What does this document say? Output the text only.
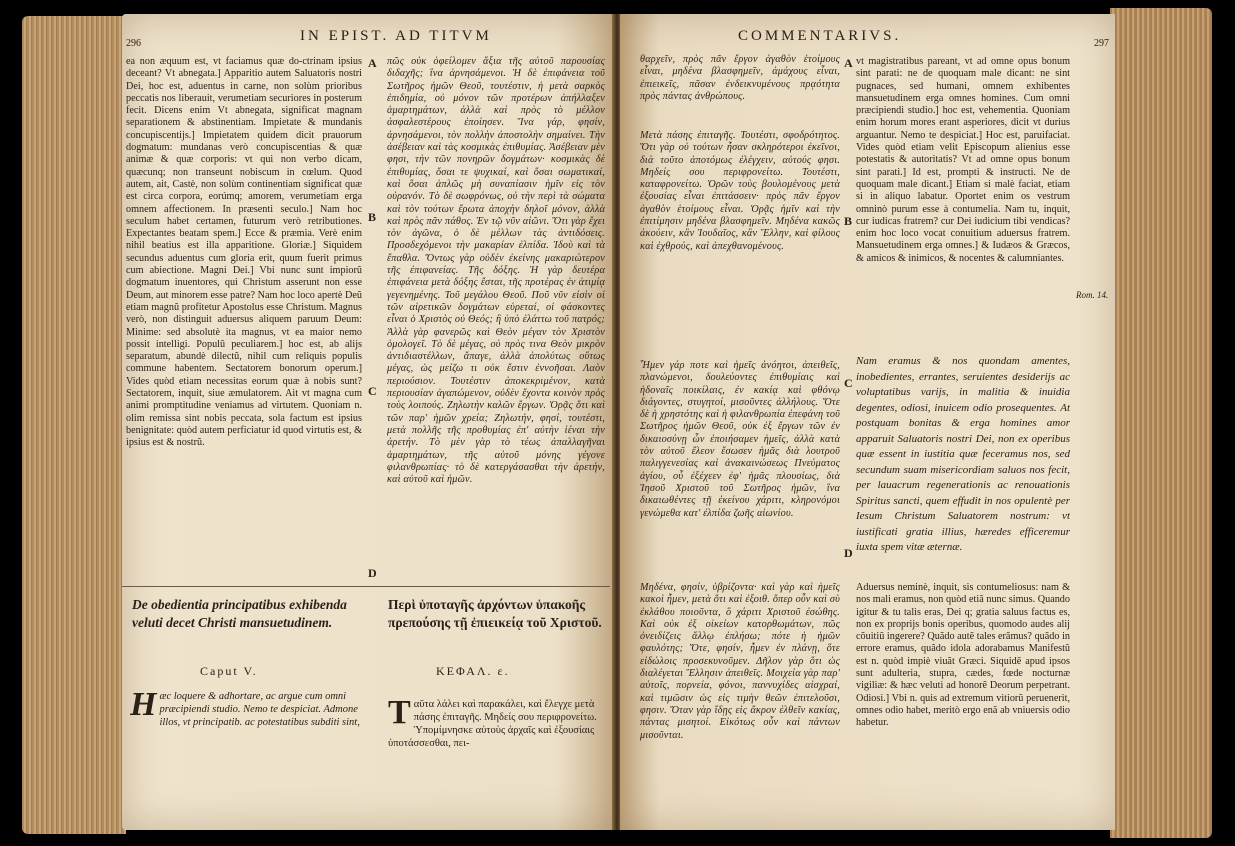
296	IN EPIST. AD TITVM
ea non æquum est, vt faciamus quæ do-ctrinam ipsius deceant? Vt abnegata.] Apparitio autem Saluatoris nostri Dei, hoc est, aduentus in carne, non solùm prioribus peccatis nos liberauit, verumetiam securiores in posterum fecit. Dicens enim Vt abnegata, significat magnam separationem & abstinentiam. Impietate & mundanis concupiscentijs.] Impietatem quidem dicit prauorum dogmatum: mundanas verò concupiscentias & quæ animæ & quæ corporis: vt qui non verbo dicam, quæcunq; non transeunt nobiscum in cœlum. Quod autem, ait, Castè, non solùm continentiam significat quæ est circa corpora, eorúmq; amorem, verumetiam erga omnem affectionem. In præsenti seculo.] Nam hoc seculum habet certamen, futurum verò retributiones. Expectantes beatam spem.] Ecce & præmia. Verè enim nihil beatius est illa apparitione. Gloriæ.] Siquidem secundus aduentus cum gloria erit, quum fuerit primus cum abiectione. Magni Dei.] Vbi nunc sunt impiorũ dogmatum inuentores, qui Christum asserunt non esse Deum, aut minorem esse patre? Nam hoc loco apertè Deũ etiam magnũ profitetur Apostolus esse Christum. Magnus verò, non distinguit aduersus aliquem paruum Deum: Minime: sed absolutè ita magnus, vt ea maior nemo possit intelligi. Populũ peculiarem.] hoc est, ab alijs separatum, abundè dilectũ, nihil cum reliquis populis commune habentem. Sectatorem bonorum operum.] Vides quòd etiam necessitas eorum quæ à nobis sunt? Sectatorem, inquit, siue æmulatorem. Ait vt magna cum animi promptitudine veniamus ad virtutem. Quoniam n. olim remissa sint nobis peccata, sola factum est ipsius benignitate: quòd autem perficiatur id quod virtutis est, & ipsius est & nostrũ.
πῶς οὐκ ὀφείλομεν ἄξια τῆς αὐτοῦ παρουσίας διδαχῆς; ἵνα ἀρνησάμενοι. Ἡ δὲ ἐπιφάνεια τοῦ Σωτῆρος ἡμῶν Θεοῦ, τουτέστιν, ἡ μετὰ σαρκὸς ἐπιδημία, οὐ μόνον τῶν προτέρων ἀπήλλαξεν ἁμαρτημάτων, ἀλλὰ καὶ πρὸς τὸ μέλλον ἀσφαλεστέρους ἐποίησεν. Ἵνα γάρ, φησίν, ἀρνησάμενοι, τὸν πολλὴν ἀποστολὴν σημαίνει. Τὴν ἀσέβειαν καὶ τὰς κοσμικὰς ἐπιθυμίας. Ἀσέβειαν μὲν φησι, τὴν τῶν πονηρῶν δογμάτων· κοσμικὰς δὲ ἐπιθυμίας, ὅσαι τε ψυχικαί, καὶ ὅσαι σωματικαί, καὶ ὅσαι ἁπλῶς μὴ συναπίασιν ἡμῖν εἰς τὸν οὐρανόν. Τὸ δὲ σωφρόνως, οὐ τὴν περὶ τὰ σώματα καὶ τὸν τούτων ἔρωτα ἀποχὴν δηλοῖ μόνον, ἀλλὰ καὶ πρὸς πᾶν πάθος. Ἐν τῷ νῦν αἰῶνι. Ὅτι γὰρ ἔχει τὸν ἀγῶνα, ὁ δὲ μέλλων τὰς ἀντιδόσεις. Προσδεχόμενοι τὴν μακαρίαν ἐλπίδα. Ἰδοὺ καὶ τὰ ἔπαθλα. Ὄντως γὰρ οὐδὲν ἐκείνης μακαριώτερον τῆς ἐπιφανείας. Τῆς δόξης. Ἡ γὰρ δευτέρα ἐπιφάνεια μετὰ δόξης ἔσται, τῆς προτέρας ἐν ἀτιμίᾳ γεγενημένης. Τοῦ μεγάλου Θεοῦ. Ποῦ νῦν εἰσὶν οἱ τῶν αἱρετικῶν δογμάτων εὑρεταί, οἱ φάσκοντες εἶναι ὁ Χριστὸς οὐ Θεός; ἢ ὑπὸ ἐλάττω τοῦ πατρός; Ἀλλὰ γὰρ φανερῶς καὶ Θεὸν μέγαν τὸν Χριστὸν ὁμολογεῖ. Τὸ δὲ μέγας, οὐ πρὸς τινα Θεὸν μικρὸν ἀντιδιαστέλλων, ἄπαγε, ἀλλὰ ἀπολύτως οὕτως μέγας, ὡς μείζω τι οὐκ ἔστιν ἐννοῆσαι. Λαὸν περιούσιον. Τουτέστιν ἀποκεκριμένον, κατὰ περιουσίαν ἀγαπώμενον, οὐδὲν ἔχοντα κοινὸν πρὸς τοὺς λοιπούς. Ζηλωτὴν καλῶν ἔργων. Ὁρᾷς ὅτι καὶ τῶν παρ' ἡμῶν χρεία; Ζηλωτήν, φησί, τουτέστι, μετὰ πολλῆς τῆς προθυμίας ἐπ' αὐτὴν ἰέναι τὴν ἀρετήν. Τὸ μὲν γὰρ τὸ τέως ἀπαλλαγῆναι ἁμαρτημάτων, τῆς αὐτοῦ μόνης γέγονε φιλανθρωπίας· τὸ δὲ κατεργάσασθαι τὴν ἀρετήν, καὶ αὐτοῦ καὶ ἡμῶν.
A
B
C
D
De obedientia principatibus exhibenda veluti decet Christi mansuetudinem.
Περὶ ὑποταγῆς ἀρχόντων ὑπακοῆς πρεπούσης τῇ ἐπιεικείᾳ τοῦ Χριστοῦ.
Caput V.	ΚΕΦΑΛ. ε.
Hæc loquere & adhortare, ac argue cum omni præcipiendi studio. Nemo te despiciat. Admone illos, vt principatib. ac potestatibus subditi sint, Ταῦτα λάλει καὶ παρακάλει, καὶ ἔλεγχε μετὰ πάσης ἐπιταγῆς. Μηδείς σου περιφρονείτω. Ὑπομίμνησκε αὐτοὺς ἀρχαῖς καὶ ἐξουσίαις ὑποτάσσεσθαι, πει-
COMMENTARIVS.	297
θαρχεῖν, πρὸς πᾶν ἔργον ἀγαθὸν ἑτοίμους εἶναι, μηδένα βλασφημεῖν, ἀμάχους εἶναι, ἐπιεικεῖς, πᾶσαν ἐνδεικνυμένους πρᾳότητα πρὸς πάντας ἀνθρώπους.
Μετὰ πάσης ἐπιταγῆς. Τουτέστι, σφοδρότητος. Ὅτι γὰρ οὐ τούτων ἦσαν σκληρότεροι ἐκεῖνοι, διὰ τοῦτο ἀποτόμως ἐλέγχειν, αὐτούς φησι. Μηδείς σου περιφρονείτω. Τουτέστι, καταφρονείτω. Ὁρῶν τοὺς βουλομένους μετὰ ἐξουσίας εἶναι ἐπιτάσσειν· πρὸς πᾶν ἔργον ἀγαθὸν ἑτοίμους εἶναι. Ὁρᾷς ἡμῖν καὶ τὴν ἐπιτίμησιν μηδένα βλασφημεῖν. Μηδένα κακῶς ἀκούειν, κἂν Ἰουδαῖος, κἂν Ἕλλην, καὶ φίλους καὶ ἐχθρούς, καὶ ἀπεχθανομένους.
Ἦμεν γάρ ποτε καὶ ἡμεῖς ἀνόητοι, ἀπειθεῖς, πλανώμενοι, δουλεύοντες ἐπιθυμίαις καὶ ἡδοναῖς ποικίλαις, ἐν κακίᾳ καὶ φθόνῳ διάγοντες, στυγητοί, μισοῦντες ἀλλήλους. Ὅτε δὲ ἡ χρηστότης καὶ ἡ φιλανθρωπία ἐπεφάνη τοῦ Σωτῆρος ἡμῶν Θεοῦ, οὐκ ἐξ ἔργων τῶν ἐν δικαιοσύνῃ ὧν ἐποιήσαμεν ἡμεῖς, ἀλλὰ κατὰ τὸν αὐτοῦ ἔλεον ἔσωσεν ἡμᾶς διὰ λουτροῦ παλιγγενεσίας καὶ ἀνακαινώσεως Πνεύματος ἁγίου, οὗ ἐξέχεεν ἐφ' ἡμᾶς πλουσίως, διὰ Ἰησοῦ Χριστοῦ τοῦ Σωτῆρος ἡμῶν, ἵνα δικαιωθέντες τῇ ἐκείνου χάριτι, κληρονόμοι γενώμεθα κατ' ἐλπίδα ζωῆς αἰωνίου.
Μηδένα, φησίν, ὑβρίζοντα· καὶ γὰρ καὶ ἡμεῖς κακοὶ ἦμεν, μετὰ ὅτι καὶ ἐξοιθ. ὅπερ οὖν καὶ σὺ ἐκλάθου ποιοῦντα, ὃ χάριτι Χριστοῦ ἐσώθης. Καὶ οὐκ ἐξ οἰκείων κατορθωμάτων, πῶς ὀνειδίζεις ἄλλῳ ἐπλήσω; πότε ἡ ἡμῶν φαυλότης; Ὅτε, φησίν, ἦμεν ἐν πλάνῃ, ὅτε εἰδώλοις προσεκυνοῦμεν. Δῆλον γὰρ ὅτι ὡς διαλέγεται Ἕλλησιν ἀπειθεῖς. Μοιχεία γὰρ παρ' αὐτοῖς, πορνεία, φόνοι, παννυχίδες αἰσχραί, καὶ τιμῶσιν ὡς εἰς τιμὴν θεῶν ἐπιτελοῦσι, φησιν. Ὅταν γὰρ ἴδῃς εἰς ἄκρον ἐλθεῖν κακίας, πάντας μισητοί. Εἰκότως οὖν καὶ πάντων μισοῦνται.
A
B
C
D
vt magistratibus pareant, vt ad omne opus bonum sint parati: ne de quoquam male dicant: ne sint pugnaces, sed humani, omnem exhibentes mansuetudinem erga omnes homines. Cum omni præcipiendi studio.] hoc est, vehementia. Quoniam enim horum mores erant asperiores, dicit vt durius arguantur. Nemo te despiciat.] Hoc est, paruifaciat. Vides quòd etiam velit Episcopum alienius esse potestatis & autoritatis? Vt ad omne opus bonum sint parati.] Id est, prompti & instructi. Ne de quoquam male dicant.] Etiam si malè faciat, etiam si in aliquo labatur. Oportet enim os vestrum omninò purum esse à contumelia. Nam tu, inquit, cur iudicas fratrem? cur Dei iudicium tibi vendicas? enim hoc loco vocat conuitium aduersus fratrem. Mansuetudinem erga omnes.] & Iudæos & Græcos, & amicos & inimicos, & nocentes & calumniantes.
Rom. 14.
Nam eramus & nos quondam amentes, inobedientes, errantes, seruientes desiderijs ac voluptatibus varijs, in malitia & inuidia degentes, odiosi, inuicem odio prosequentes. At postquam bonitas & erga homines amor apparuit Saluatoris nostri Dei, non ex operibus quæ essent in iustitia quæ feceramus nos, sed secundum suam misericordiam saluos nos fecit, per lauacrum regenerationis ac renouationis Spiritus sancti, quem effudit in nos opulentè per Iesum Christum Saluatorem nostrum: vt iustificati gratia illius, hæredes efficeremur iuxta spem vitæ æternæ.
Aduersus neminè, inquit, sis contumeliosus: nam & nos mali eramus, non quòd etiã nunc simus. Quando igitur & tu talis eras, Dei q; gratia saluus factus es, non ex proprijs bonis operibus, quomodo audes alij cõuitiũ ingerere? Quãdo autẽ tales erãmus? quãdo in errore eramus, quãdo idola adorabamus Manifestũ est n. quòd impiè viuãt Græci. Siquidẽ apud ipsos sunt adulteria, stupra, cædes, fœde nocturnæ vigiliæ: & hæc veluti ad honorẽ Deorum perpetrant. Odiosi.] Vbi n. quis ad extremum vitiorũ peruenerit, omnes odio habet, meritò ergo enã ab vniuersis odio habetur.
